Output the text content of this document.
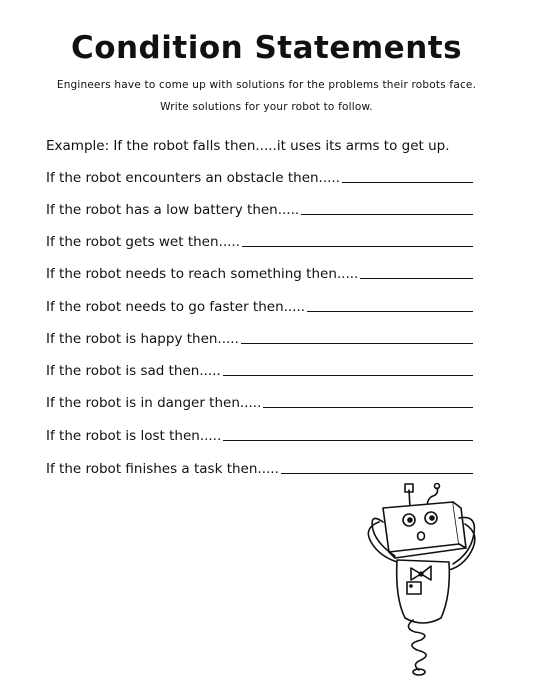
Condition Statements
Engineers have to come up with solutions for the problems their robots face.
Write solutions for your robot to follow.
Example: If the robot falls then.....it uses its arms to get up.
If the robot encounters an obstacle then.....
If the robot has a low battery then.....
If the robot gets wet then.....
If the robot needs to reach something then.....
If the robot needs to go faster then.....
If the robot is happy then.....
If the robot is sad then.....
If the robot is in danger then.....
If the robot is lost then.....
If the robot finishes a task then.....
